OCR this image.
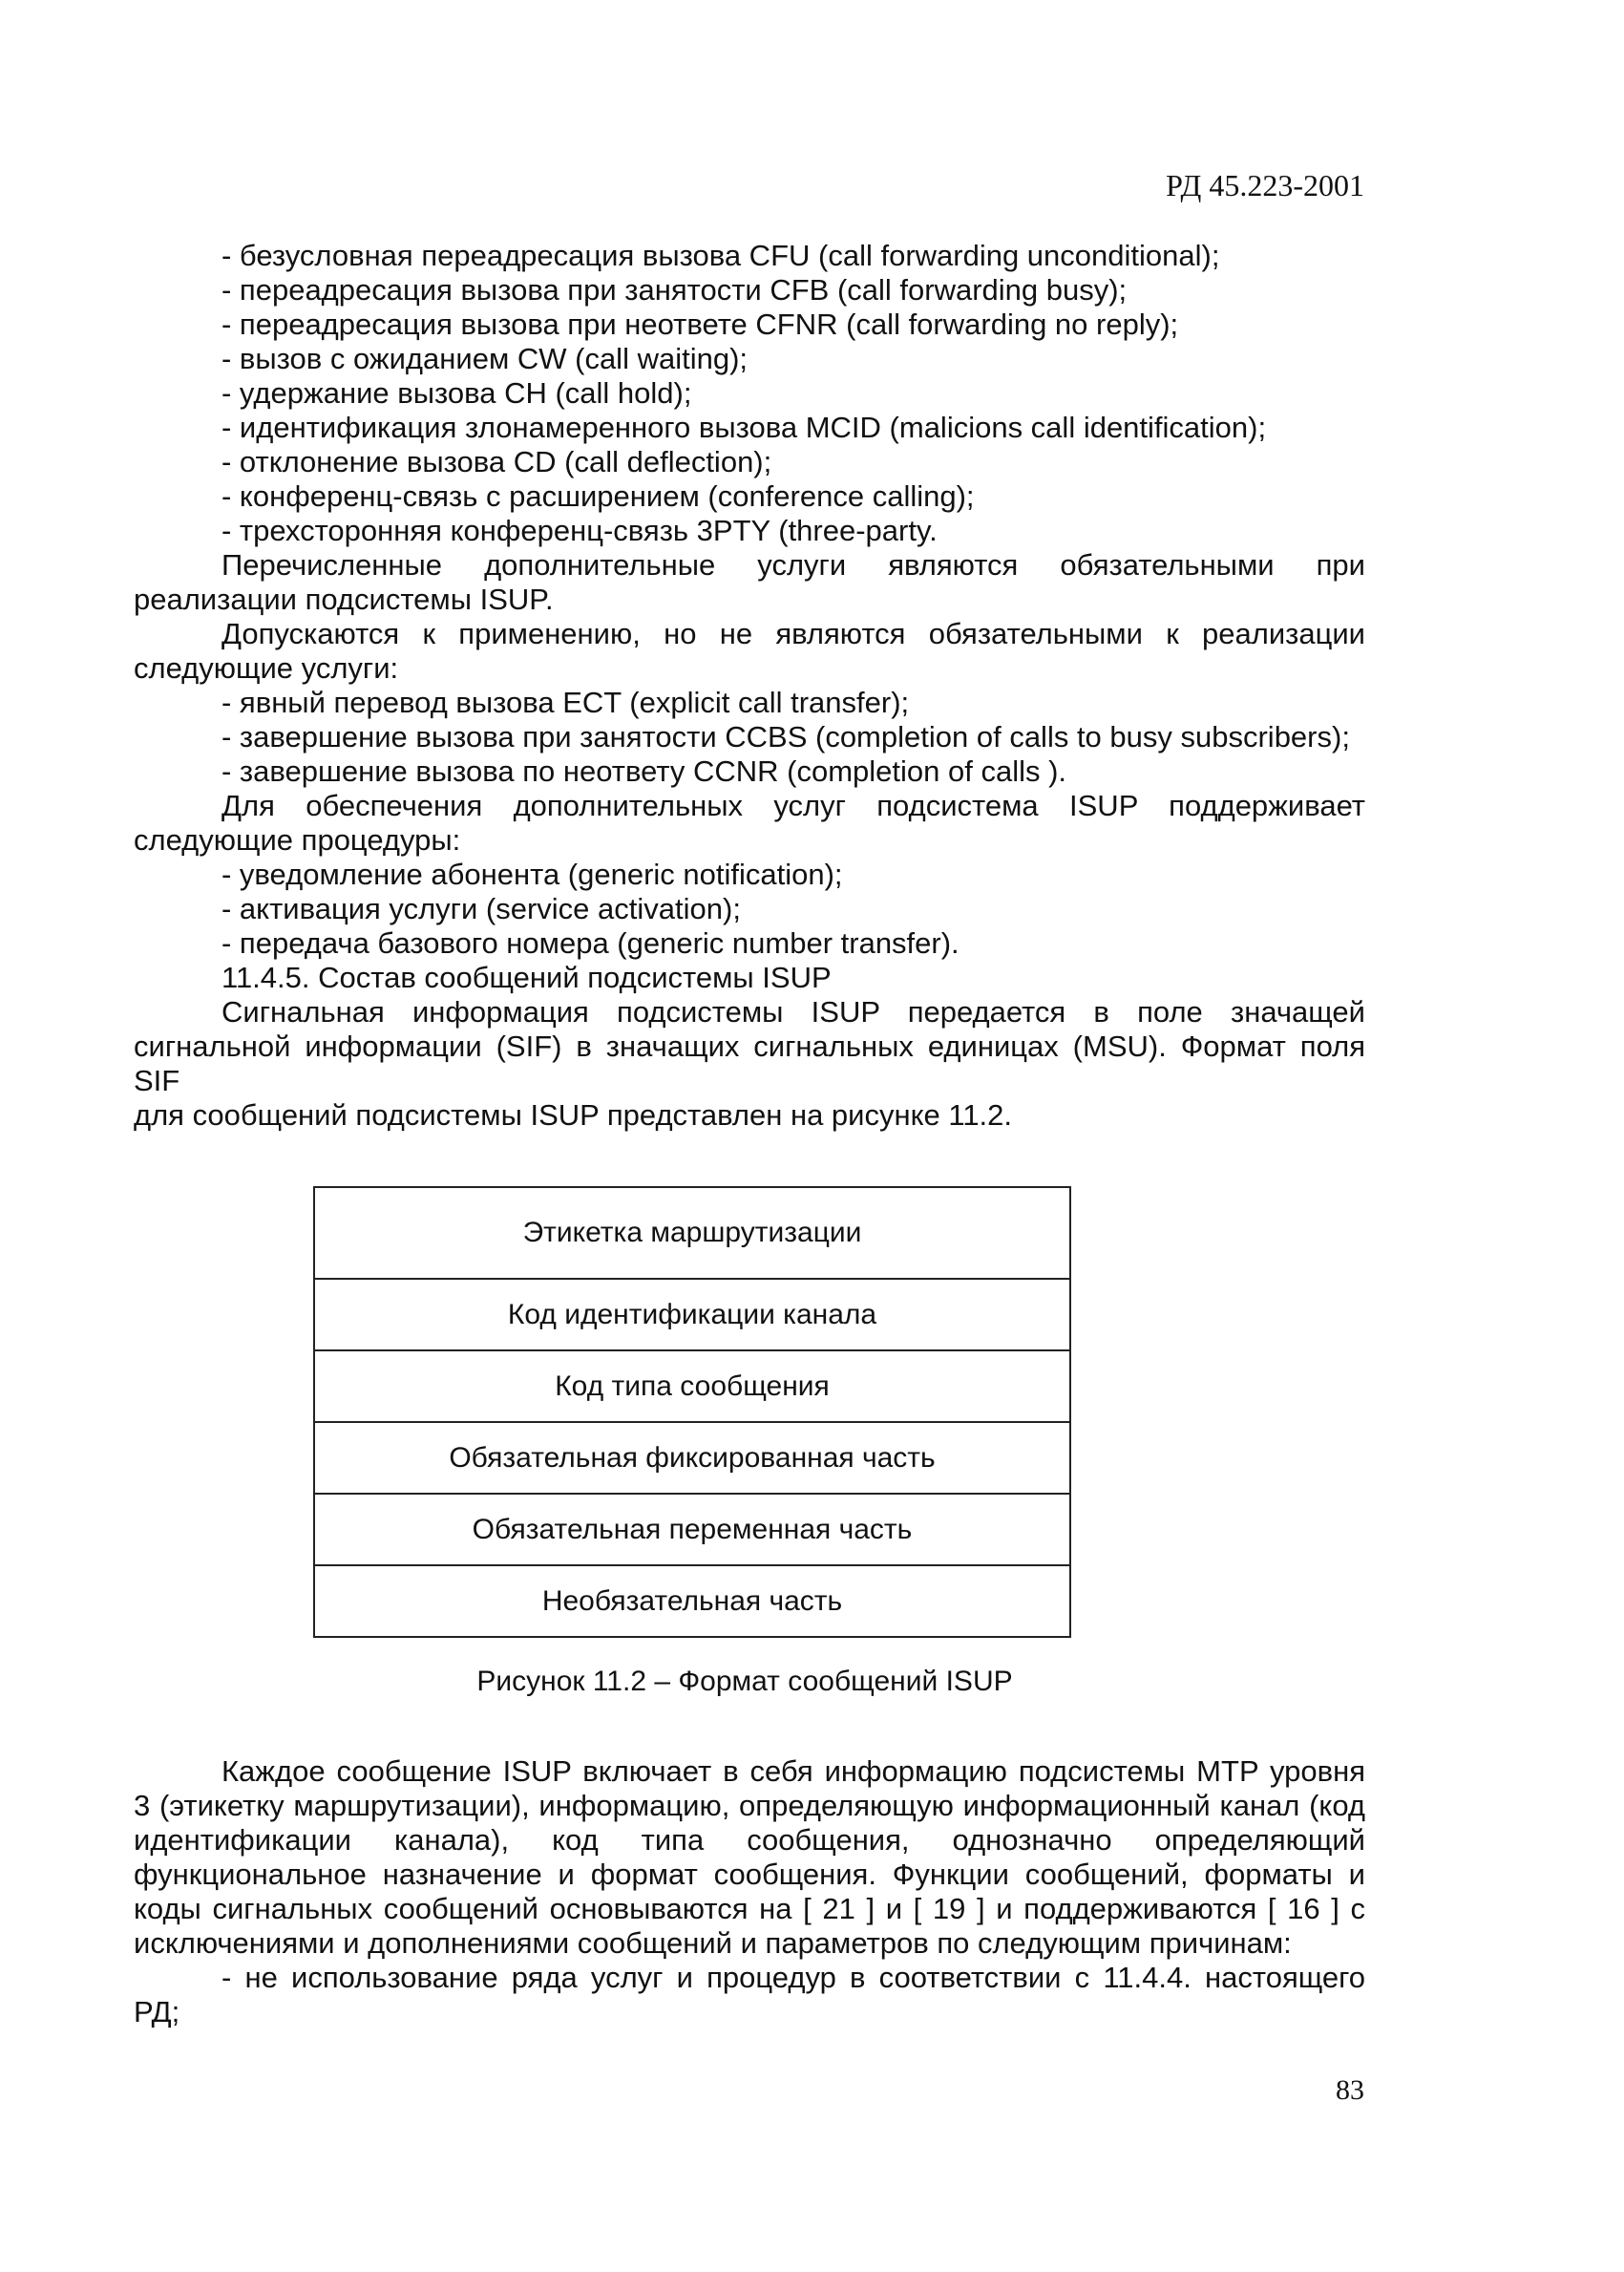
РД 45.223-2001
- безусловная переадресация вызова CFU (call forwarding unconditional);
- переадресация вызова при занятости CFB (call forwarding busy);
- переадресация вызова при неответе CFNR (call forwarding no reply);
- вызов с ожиданием CW (call waiting);
- удержание вызова CH (call hold);
- идентификация злонамеренного вызова MCID (malicions call identification);
- отклонение вызова CD (call deflection);
- конференц-связь с расширением (conference calling);
- трехсторонняя конференц-связь 3PTY (three-party.
Перечисленные дополнительные услуги являются обязательными при
реализации подсистемы ISUP.
Допускаются к применению, но не являются обязательными к реализации
следующие услуги:
- явный перевод вызова ECT (explicit call transfer);
- завершение вызова при занятости CCBS (completion of calls to busy subscribers);
- завершение вызова по неответу CCNR (completion of calls ).
Для обеспечения дополнительных услуг подсистема ISUP поддерживает
следующие процедуры:
- уведомление абонента (generic notification);
- активация услуги (service activation);
- передача базового номера (generic number transfer).
11.4.5. Состав сообщений подсистемы ISUP
Сигнальная информация подсистемы ISUP передается в поле значащей
сигнальной информации (SIF) в значащих сигнальных единицах (MSU). Формат поля SIF
для сообщений подсистемы ISUP представлен на рисунке 11.2.
Этикетка маршрутизации
Код идентификации канала
Код типа сообщения
Обязательная фиксированная часть
Обязательная переменная часть
Необязательная часть
Рисунок 11.2 – Формат сообщений ISUP
Каждое сообщение ISUP включает в себя информацию подсистемы MTP уровня
3 (этикетку маршрутизации), информацию, определяющую информационный канал (код
идентификации канала), код типа сообщения, однозначно определяющий
функциональное назначение и формат сообщения. Функции сообщений, форматы и
коды сигнальных сообщений основываются на [ 21 ] и [ 19 ] и поддерживаются [ 16 ] с
исключениями и дополнениями сообщений и параметров по следующим причинам:
- не использование ряда услуг и процедур в соответствии с 11.4.4. настоящего
РД;
83
